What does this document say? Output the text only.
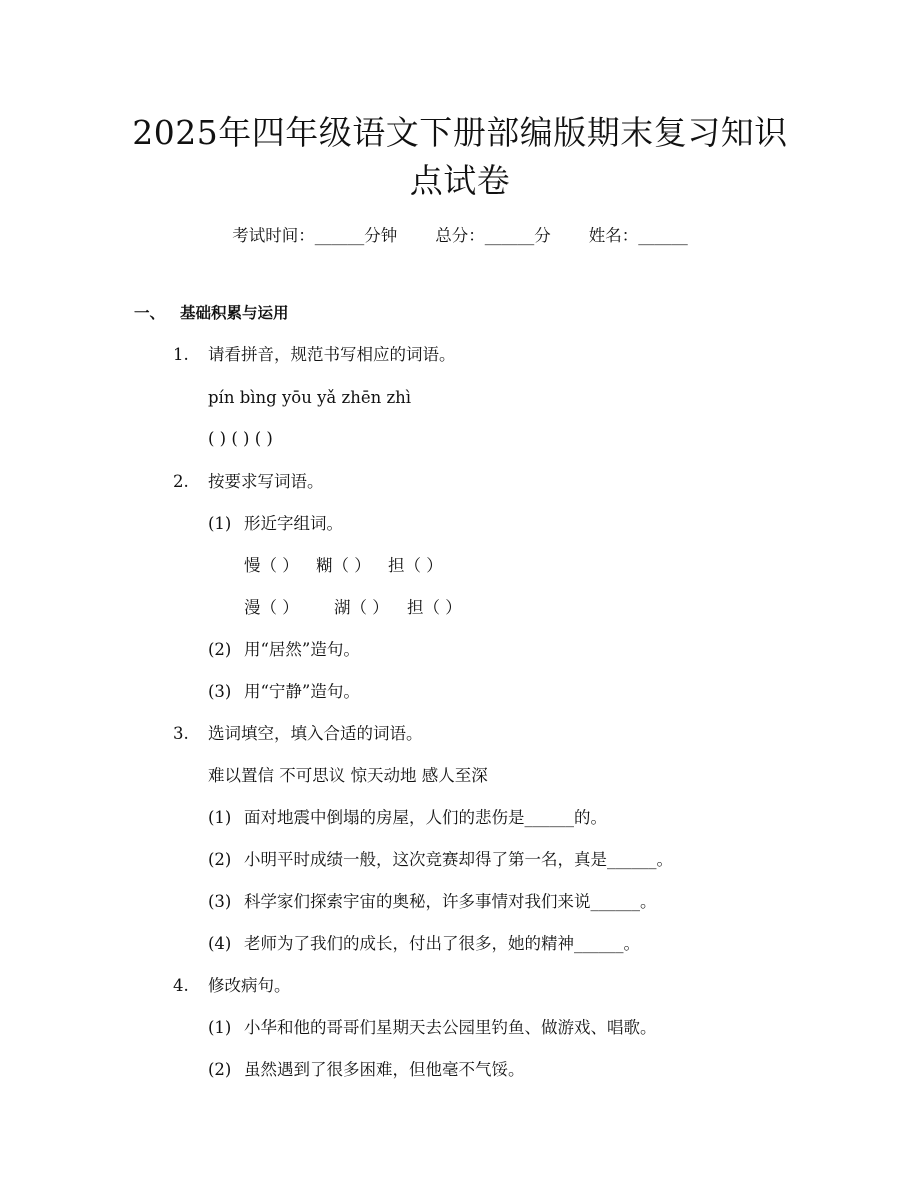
2025年四年级语文下册部编版期末复习知识
点试卷
考试时间：______分钟 总分：______分 姓名：______
一、 基础积累与运用
1. 请看拼音，规范书写相应的词语。
pín bìng yōu yǎ zhēn zhì
( ) ( ) ( )
2. 按要求写词语。
(1) 形近字组词。
慢（ ） 糊（ ） 担（ ）
漫（ ） 湖（ ） 担（ ）
(2) 用“居然”造句。
(3) 用“宁静”造句。
3. 选词填空，填入合适的词语。
难以置信 不可思议 惊天动地 感人至深
(1) 面对地震中倒塌的房屋，人们的悲伤是______的。
(2) 小明平时成绩一般，这次竞赛却得了第一名，真是______。
(3) 科学家们探索宇宙的奥秘，许多事情对我们来说______。
(4) 老师为了我们的成长，付出了很多，她的精神______。
4. 修改病句。
(1) 小华和他的哥哥们星期天去公园里钓鱼、做游戏、唱歌。
(2) 虽然遇到了很多困难，但他毫不气馁。
